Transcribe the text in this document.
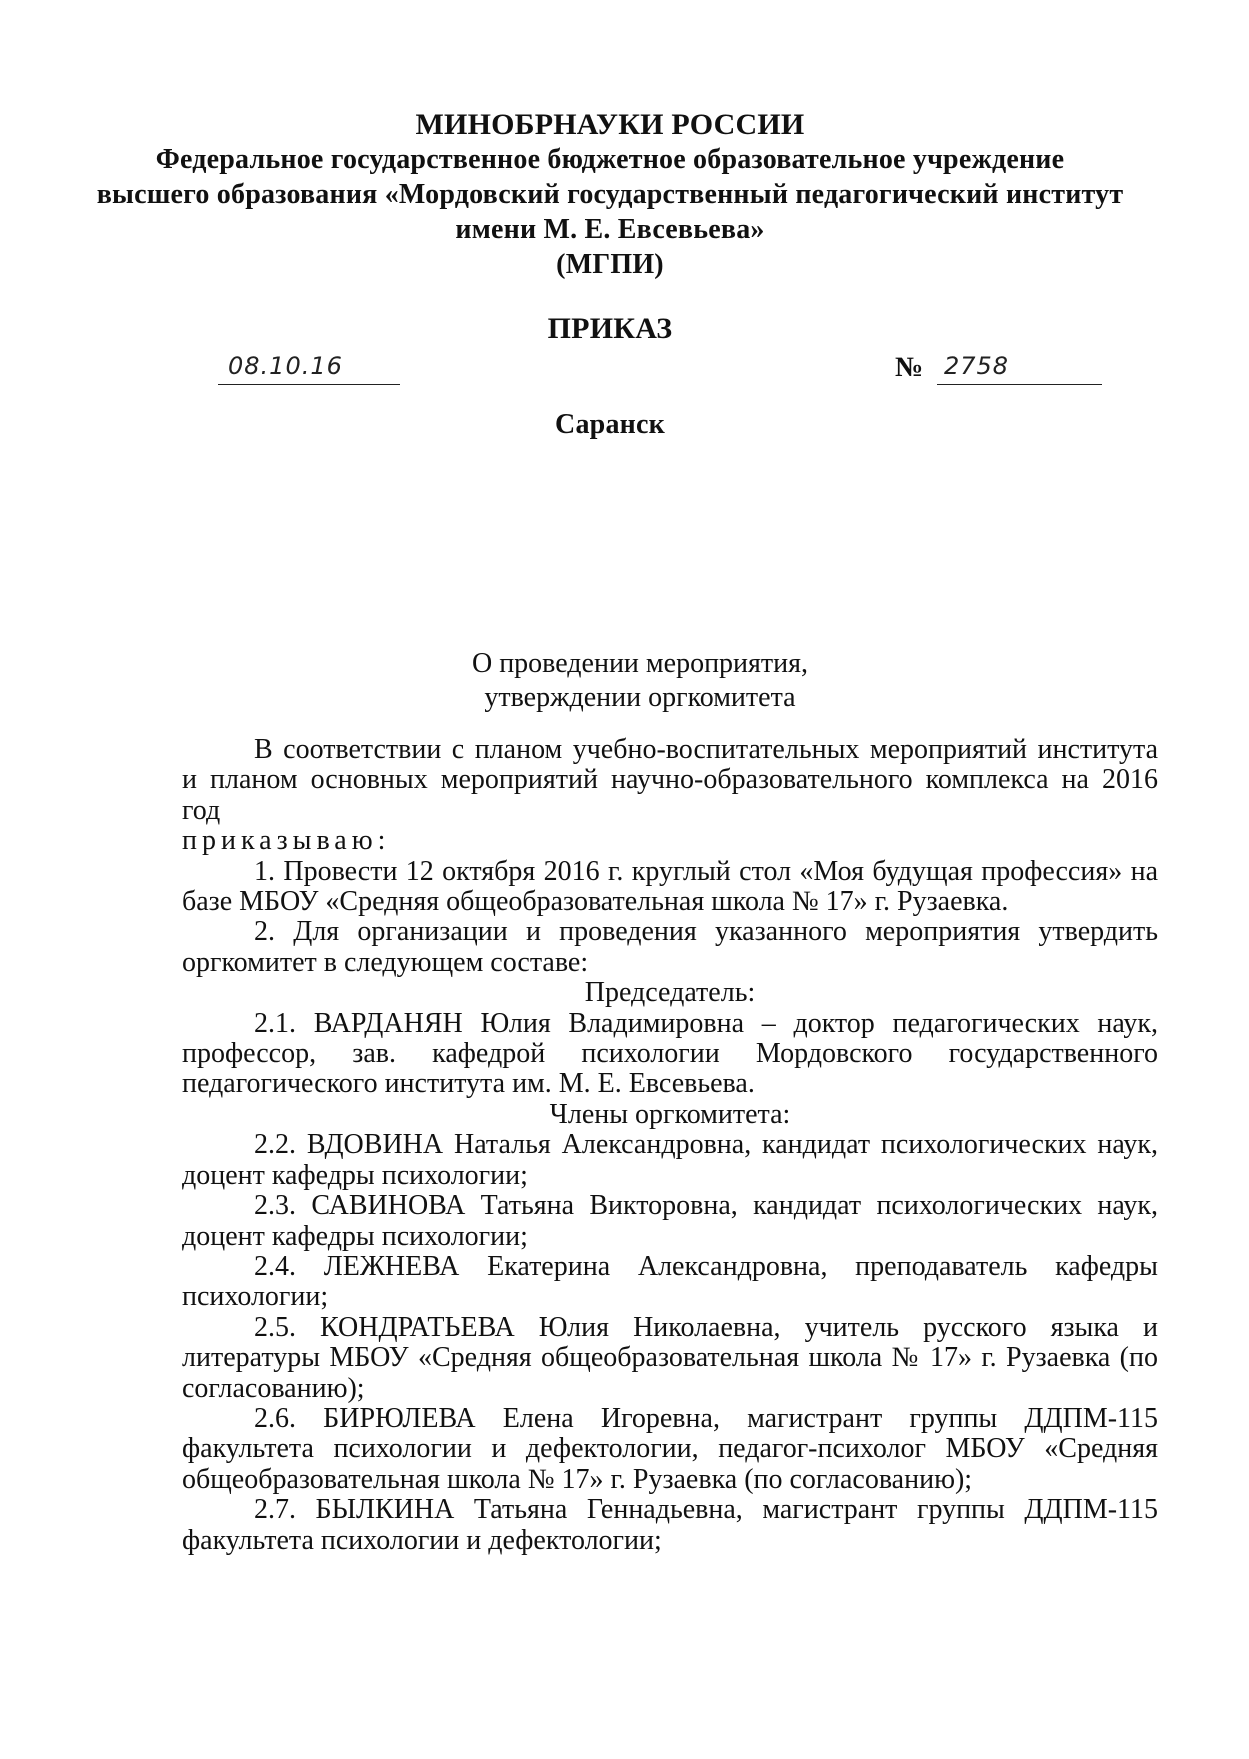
МИНОБРНАУКИ РОССИИ
Федеральное государственное бюджетное образовательное учреждение
высшего образования «Мордовский государственный педагогический институт
имени М. Е. Евсевьева»
(МГПИ)
ПРИКАЗ
08.10.16	№ 2758
Саранск
О проведении мероприятия,
утверждении оргкомитета

В соответствии с планом учебно-воспитательных мероприятий института и планом основных мероприятий научно-образовательного комплекса на 2016 год

приказываю:

1. Провести 12 октября 2016 г. круглый стол «Моя будущая профессия» на базе МБОУ «Средняя общеобразовательная школа № 17» г. Рузаевка.

2. Для организации и проведения указанного мероприятия утвердить оргкомитет в следующем составе:

Председатель:

2.1. ВАРДАНЯН Юлия Владимировна – доктор педагогических наук, профессор, зав. кафедрой психологии Мордовского государственного педагогического института им. М. Е. Евсевьева.

Члены оргкомитета:

2.2. ВДОВИНА Наталья Александровна, кандидат психологических наук, доцент кафедры психологии;

2.3. САВИНОВА Татьяна Викторовна, кандидат психологических наук, доцент кафедры психологии;

2.4. ЛЕЖНЕВА Екатерина Александровна, преподаватель кафедры психологии;

2.5. КОНДРАТЬЕВА Юлия Николаевна, учитель русского языка и литературы МБОУ «Средняя общеобразовательная школа № 17» г. Рузаевка (по согласованию);

2.6. БИРЮЛЕВА Елена Игоревна, магистрант группы ДДПМ-115 факультета психологии и дефектологии, педагог-психолог МБОУ «Средняя общеобразовательная школа № 17» г. Рузаевка (по согласованию);

2.7. БЫЛКИНА Татьяна Геннадьевна, магистрант группы ДДПМ-115 факультета психологии и дефектологии;
